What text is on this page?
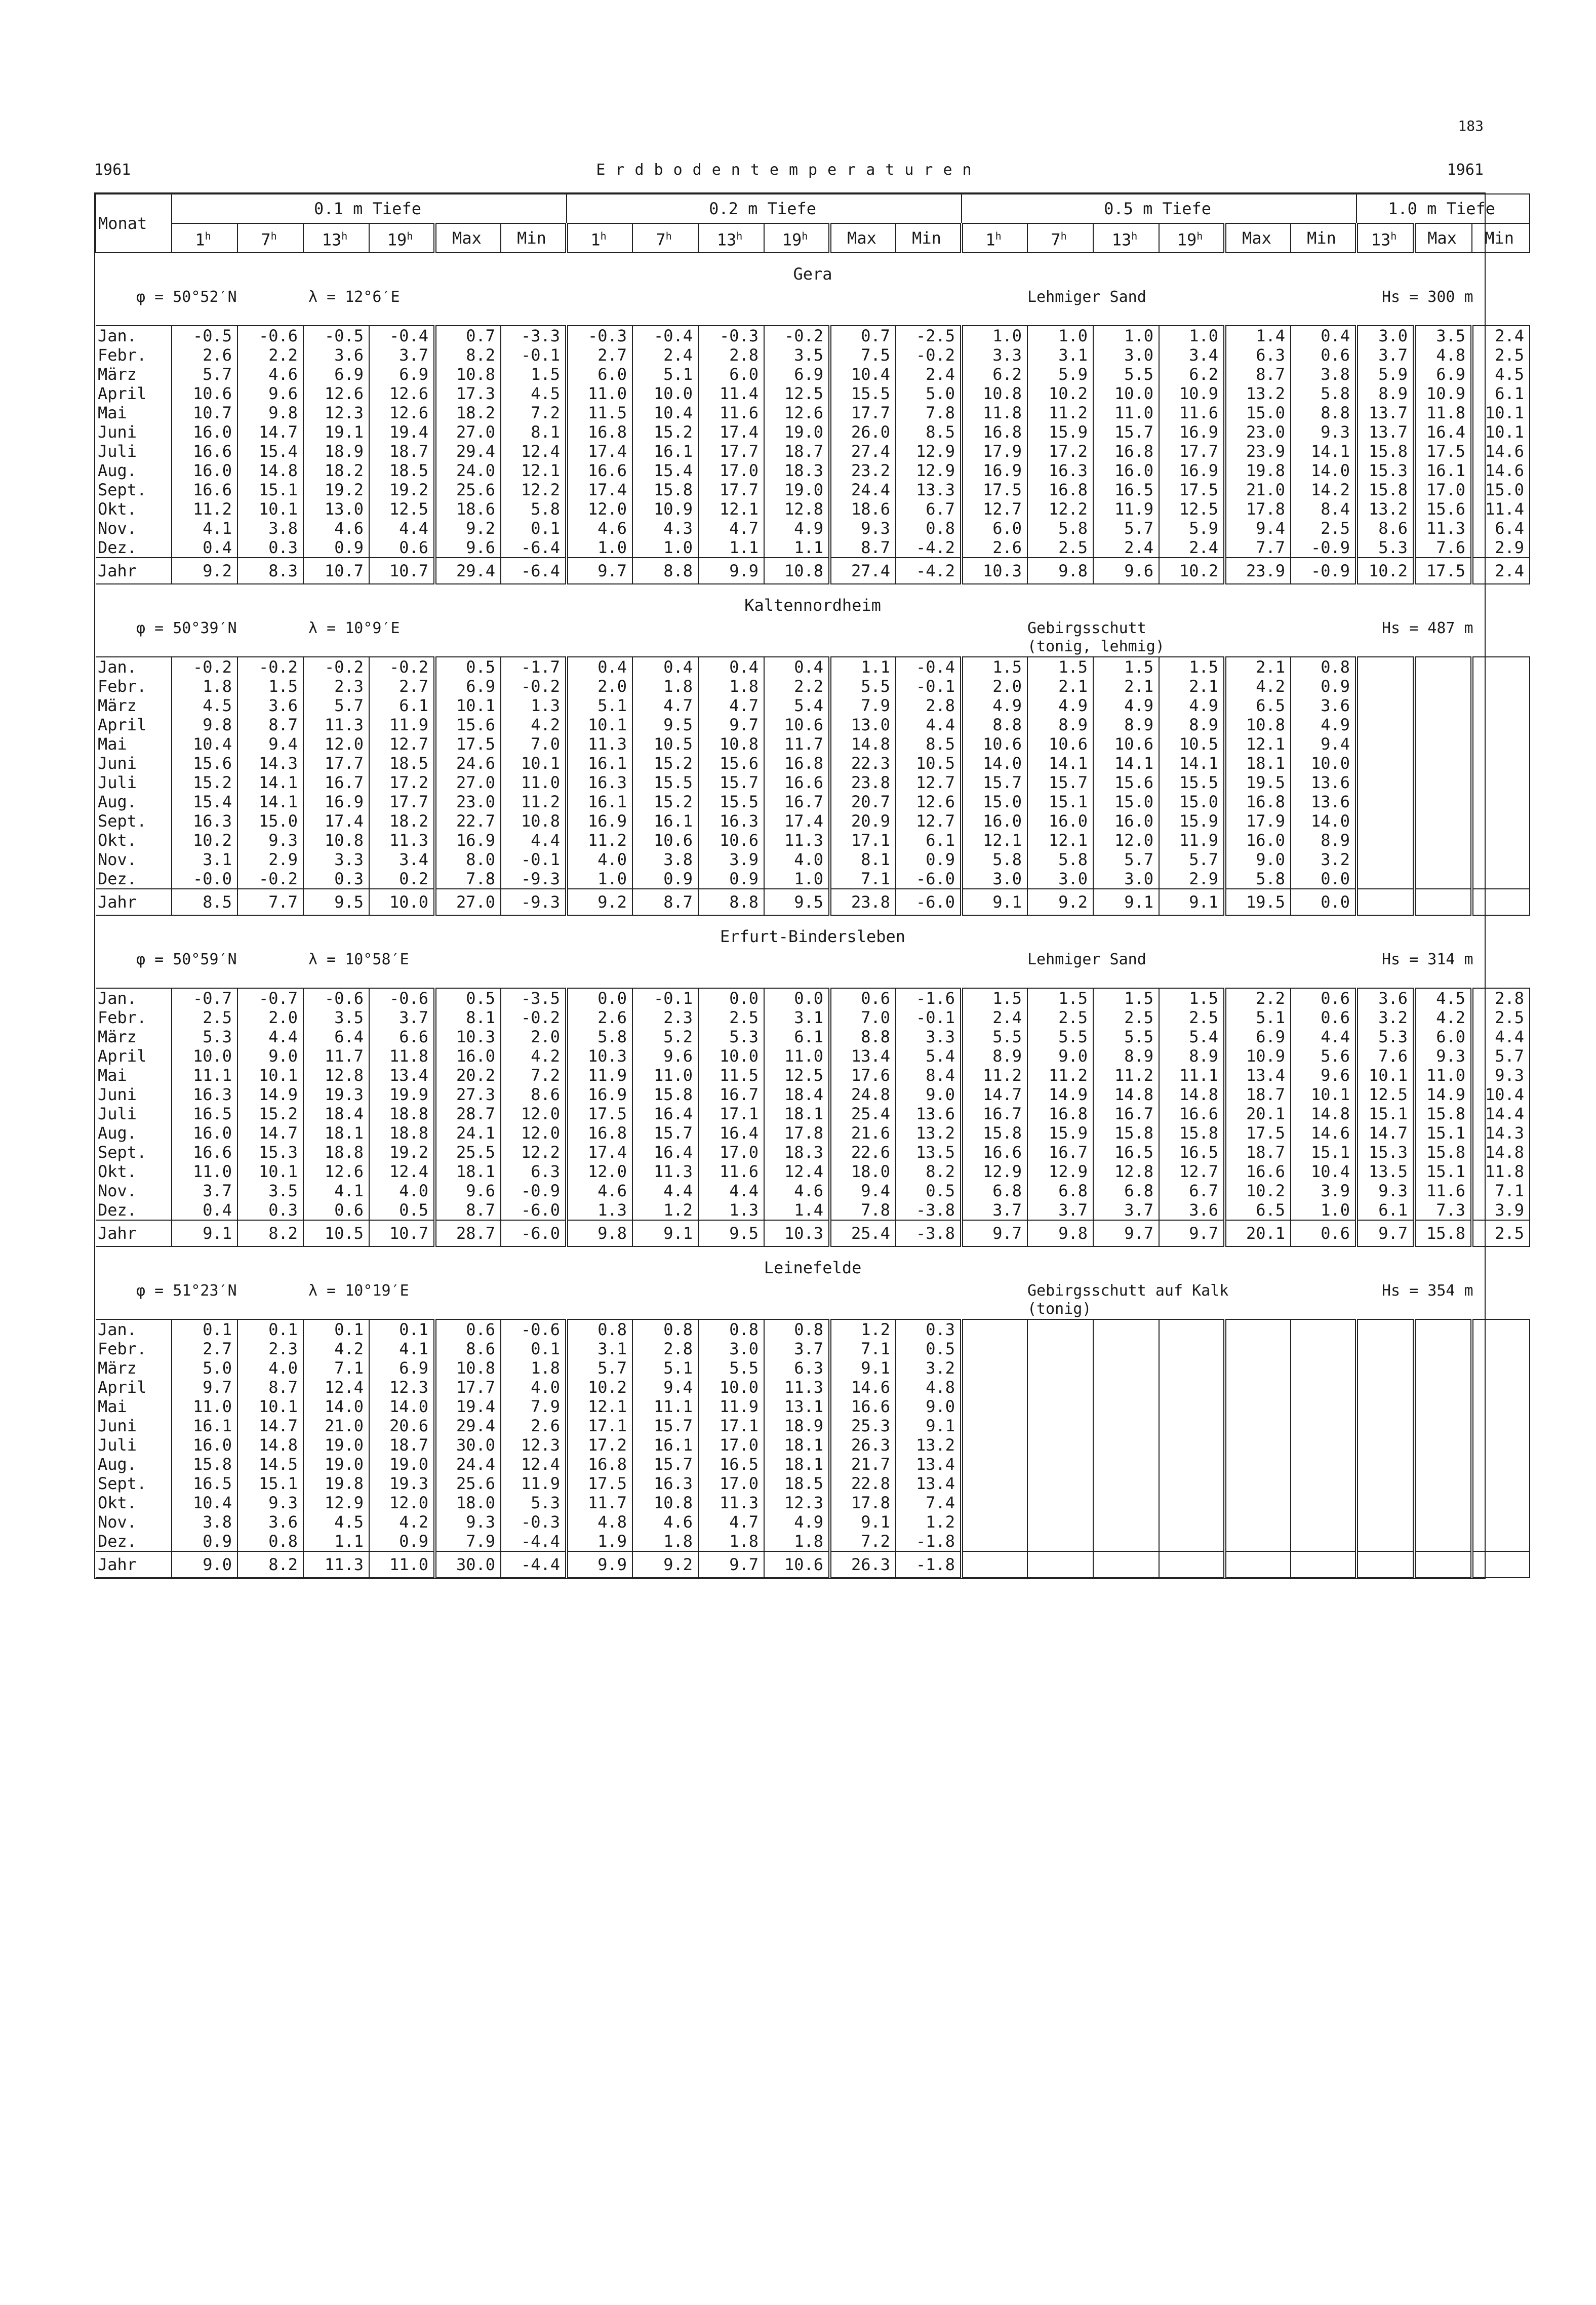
183
1961	Erdbodentemperaturen	1961
Monat	0.1 m Tiefe						0.2 m Tiefe						0.5 m Tiefe						1.0 m Tiefe		
	1$^h$	7$^h$	13$^h$	19$^h$	Max	Min	1$^h$	7$^h$	13$^h$	19$^h$	Max	Min	1$^h$	7$^h$	13$^h$	19$^h$	Max	Min	13$^h$	Max	Min
Gera																					

φ = 50°52′N λ = 12°6′E Lehmiger Sand Hs = 300 m																					

Jan.	-0.5	-0.6	-0.5	-0.4	0.7	-3.3	-0.3	-0.4	-0.3	-0.2	0.7	-2.5	1.0	1.0	1.0	1.0	1.4	0.4	3.0	3.5	2.4
Febr.	2.6	2.2	3.6	3.7	8.2	-0.1	2.7	2.4	2.8	3.5	7.5	-0.2	3.3	3.1	3.0	3.4	6.3	0.6	3.7	4.8	2.5
März	5.7	4.6	6.9	6.9	10.8	1.5	6.0	5.1	6.0	6.9	10.4	2.4	6.2	5.9	5.5	6.2	8.7	3.8	5.9	6.9	4.5
April	10.6	9.6	12.6	12.6	17.3	4.5	11.0	10.0	11.4	12.5	15.5	5.0	10.8	10.2	10.0	10.9	13.2	5.8	8.9	10.9	6.1
Mai	10.7	9.8	12.3	12.6	18.2	7.2	11.5	10.4	11.6	12.6	17.7	7.8	11.8	11.2	11.0	11.6	15.0	8.8	13.7	11.8	10.1
Juni	16.0	14.7	19.1	19.4	27.0	8.1	16.8	15.2	17.4	19.0	26.0	8.5	16.8	15.9	15.7	16.9	23.0	9.3	13.7	16.4	10.1
Juli	16.6	15.4	18.9	18.7	29.4	12.4	17.4	16.1	17.7	18.7	27.4	12.9	17.9	17.2	16.8	17.7	23.9	14.1	15.8	17.5	14.6
Aug.	16.0	14.8	18.2	18.5	24.0	12.1	16.6	15.4	17.0	18.3	23.2	12.9	16.9	16.3	16.0	16.9	19.8	14.0	15.3	16.1	14.6
Sept.	16.6	15.1	19.2	19.2	25.6	12.2	17.4	15.8	17.7	19.0	24.4	13.3	17.5	16.8	16.5	17.5	21.0	14.2	15.8	17.0	15.0
Okt.	11.2	10.1	13.0	12.5	18.6	5.8	12.0	10.9	12.1	12.8	18.6	6.7	12.7	12.2	11.9	12.5	17.8	8.4	13.2	15.6	11.4
Nov.	4.1	3.8	4.6	4.4	9.2	0.1	4.6	4.3	4.7	4.9	9.3	0.8	6.0	5.8	5.7	5.9	9.4	2.5	8.6	11.3	6.4
Dez.	0.4	0.3	0.9	0.6	9.6	-6.4	1.0	1.0	1.1	1.1	8.7	-4.2	2.6	2.5	2.4	2.4	7.7	-0.9	5.3	7.6	2.9
Jahr	9.2	8.3	10.7	10.7	29.4	-6.4	9.7	8.8	9.9	10.8	27.4	-4.2	10.3	9.8	9.6	10.2	23.9	-0.9	10.2	17.5	2.4
Kaltennordheim																					

φ = 50°39′N λ = 10°9′E Gebirgsschutt Hs = 487 m
(tonig, lehmig)																					

Jan.	-0.2	-0.2	-0.2	-0.2	0.5	-1.7	0.4	0.4	0.4	0.4	1.1	-0.4	1.5	1.5	1.5	1.5	2.1	0.8			
Febr.	1.8	1.5	2.3	2.7	6.9	-0.2	2.0	1.8	1.8	2.2	5.5	-0.1	2.0	2.1	2.1	2.1	4.2	0.9			
März	4.5	3.6	5.7	6.1	10.1	1.3	5.1	4.7	4.7	5.4	7.9	2.8	4.9	4.9	4.9	4.9	6.5	3.6			
April	9.8	8.7	11.3	11.9	15.6	4.2	10.1	9.5	9.7	10.6	13.0	4.4	8.8	8.9	8.9	8.9	10.8	4.9			
Mai	10.4	9.4	12.0	12.7	17.5	7.0	11.3	10.5	10.8	11.7	14.8	8.5	10.6	10.6	10.6	10.5	12.1	9.4			
Juni	15.6	14.3	17.7	18.5	24.6	10.1	16.1	15.2	15.6	16.8	22.3	10.5	14.0	14.1	14.1	14.1	18.1	10.0			
Juli	15.2	14.1	16.7	17.2	27.0	11.0	16.3	15.5	15.7	16.6	23.8	12.7	15.7	15.7	15.6	15.5	19.5	13.6			
Aug.	15.4	14.1	16.9	17.7	23.0	11.2	16.1	15.2	15.5	16.7	20.7	12.6	15.0	15.1	15.0	15.0	16.8	13.6			
Sept.	16.3	15.0	17.4	18.2	22.7	10.8	16.9	16.1	16.3	17.4	20.9	12.7	16.0	16.0	16.0	15.9	17.9	14.0			
Okt.	10.2	9.3	10.8	11.3	16.9	4.4	11.2	10.6	10.6	11.3	17.1	6.1	12.1	12.1	12.0	11.9	16.0	8.9			
Nov.	3.1	2.9	3.3	3.4	8.0	-0.1	4.0	3.8	3.9	4.0	8.1	0.9	5.8	5.8	5.7	5.7	9.0	3.2			
Dez.	-0.0	-0.2	0.3	0.2	7.8	-9.3	1.0	0.9	0.9	1.0	7.1	-6.0	3.0	3.0	3.0	2.9	5.8	0.0			
Jahr	8.5	7.7	9.5	10.0	27.0	-9.3	9.2	8.7	8.8	9.5	23.8	-6.0	9.1	9.2	9.1	9.1	19.5	0.0			
Erfurt-Bindersleben																					

φ = 50°59′N λ = 10°58′E Lehmiger Sand Hs = 314 m																					

Jan.	-0.7	-0.7	-0.6	-0.6	0.5	-3.5	0.0	-0.1	0.0	0.0	0.6	-1.6	1.5	1.5	1.5	1.5	2.2	0.6	3.6	4.5	2.8
Febr.	2.5	2.0	3.5	3.7	8.1	-0.2	2.6	2.3	2.5	3.1	7.0	-0.1	2.4	2.5	2.5	2.5	5.1	0.6	3.2	4.2	2.5
März	5.3	4.4	6.4	6.6	10.3	2.0	5.8	5.2	5.3	6.1	8.8	3.3	5.5	5.5	5.5	5.4	6.9	4.4	5.3	6.0	4.4
April	10.0	9.0	11.7	11.8	16.0	4.2	10.3	9.6	10.0	11.0	13.4	5.4	8.9	9.0	8.9	8.9	10.9	5.6	7.6	9.3	5.7
Mai	11.1	10.1	12.8	13.4	20.2	7.2	11.9	11.0	11.5	12.5	17.6	8.4	11.2	11.2	11.2	11.1	13.4	9.6	10.1	11.0	9.3
Juni	16.3	14.9	19.3	19.9	27.3	8.6	16.9	15.8	16.7	18.4	24.8	9.0	14.7	14.9	14.8	14.8	18.7	10.1	12.5	14.9	10.4
Juli	16.5	15.2	18.4	18.8	28.7	12.0	17.5	16.4	17.1	18.1	25.4	13.6	16.7	16.8	16.7	16.6	20.1	14.8	15.1	15.8	14.4
Aug.	16.0	14.7	18.1	18.8	24.1	12.0	16.8	15.7	16.4	17.8	21.6	13.2	15.8	15.9	15.8	15.8	17.5	14.6	14.7	15.1	14.3
Sept.	16.6	15.3	18.8	19.2	25.5	12.2	17.4	16.4	17.0	18.3	22.6	13.5	16.6	16.7	16.5	16.5	18.7	15.1	15.3	15.8	14.8
Okt.	11.0	10.1	12.6	12.4	18.1	6.3	12.0	11.3	11.6	12.4	18.0	8.2	12.9	12.9	12.8	12.7	16.6	10.4	13.5	15.1	11.8
Nov.	3.7	3.5	4.1	4.0	9.6	-0.9	4.6	4.4	4.4	4.6	9.4	0.5	6.8	6.8	6.8	6.7	10.2	3.9	9.3	11.6	7.1
Dez.	0.4	0.3	0.6	0.5	8.7	-6.0	1.3	1.2	1.3	1.4	7.8	-3.8	3.7	3.7	3.7	3.6	6.5	1.0	6.1	7.3	3.9
Jahr	9.1	8.2	10.5	10.7	28.7	-6.0	9.8	9.1	9.5	10.3	25.4	-3.8	9.7	9.8	9.7	9.7	20.1	0.6	9.7	15.8	2.5
Leinefelde																					

φ = 51°23′N λ = 10°19′E Gebirgsschutt auf Kalk Hs = 354 m
(tonig)																					

Jan.	0.1	0.1	0.1	0.1	0.6	-0.6	0.8	0.8	0.8	0.8	1.2	0.3									
Febr.	2.7	2.3	4.2	4.1	8.6	0.1	3.1	2.8	3.0	3.7	7.1	0.5									
März	5.0	4.0	7.1	6.9	10.8	1.8	5.7	5.1	5.5	6.3	9.1	3.2									
April	9.7	8.7	12.4	12.3	17.7	4.0	10.2	9.4	10.0	11.3	14.6	4.8									
Mai	11.0	10.1	14.0	14.0	19.4	7.9	12.1	11.1	11.9	13.1	16.6	9.0									
Juni	16.1	14.7	21.0	20.6	29.4	2.6	17.1	15.7	17.1	18.9	25.3	9.1									
Juli	16.0	14.8	19.0	18.7	30.0	12.3	17.2	16.1	17.0	18.1	26.3	13.2									
Aug.	15.8	14.5	19.0	19.0	24.4	12.4	16.8	15.7	16.5	18.1	21.7	13.4									
Sept.	16.5	15.1	19.8	19.3	25.6	11.9	17.5	16.3	17.0	18.5	22.8	13.4									
Okt.	10.4	9.3	12.9	12.0	18.0	5.3	11.7	10.8	11.3	12.3	17.8	7.4									
Nov.	3.8	3.6	4.5	4.2	9.3	-0.3	4.8	4.6	4.7	4.9	9.1	1.2									
Dez.	0.9	0.8	1.1	0.9	7.9	-4.4	1.9	1.8	1.8	1.8	7.2	-1.8									
Jahr	9.0	8.2	11.3	11.0	30.0	-4.4	9.9	9.2	9.7	10.6	26.3	-1.8									
